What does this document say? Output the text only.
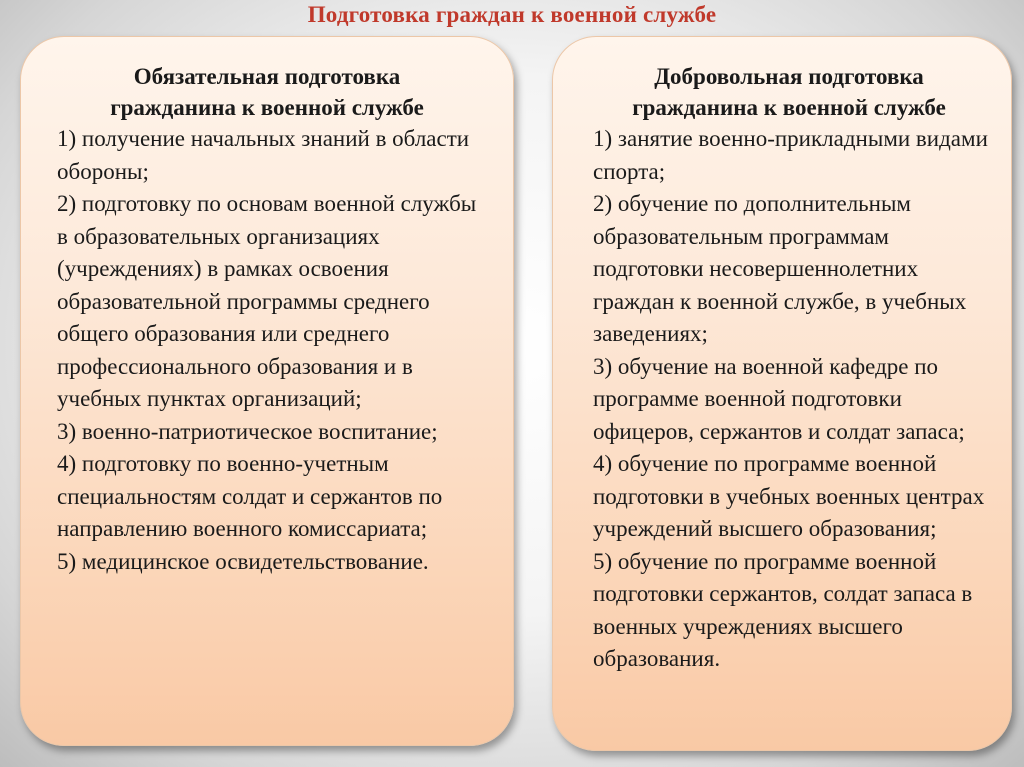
Подготовка граждан к военной службе
Обязательная подготовка
гражданина к военной службе
1) получение начальных знаний в области обороны;
2) подготовку по основам военной службы в образовательных организациях (учреждениях) в рамках освоения образовательной программы среднего общего образования или среднего профессионального образования и в учебных пунктах организаций;
3) военно-патриотическое воспитание;
4) подготовку по военно-учетным специальностям солдат и сержантов по направлению военного комиссариата;
5) медицинское освидетельствование.
Добровольная подготовка
гражданина к военной службе
1) занятие военно-прикладными видами спорта;
2) обучение по дополнительным образовательным программам подготовки несовершеннолетних граждан к военной службе, в учебных заведениях;
3) обучение на военной кафедре по программе военной подготовки офицеров, сержантов и солдат запаса;
4) обучение по программе военной подготовки в учебных военных центрах учреждений высшего образования;
5) обучение по программе военной подготовки сержантов, солдат запаса в военных учреждениях высшего образования.
